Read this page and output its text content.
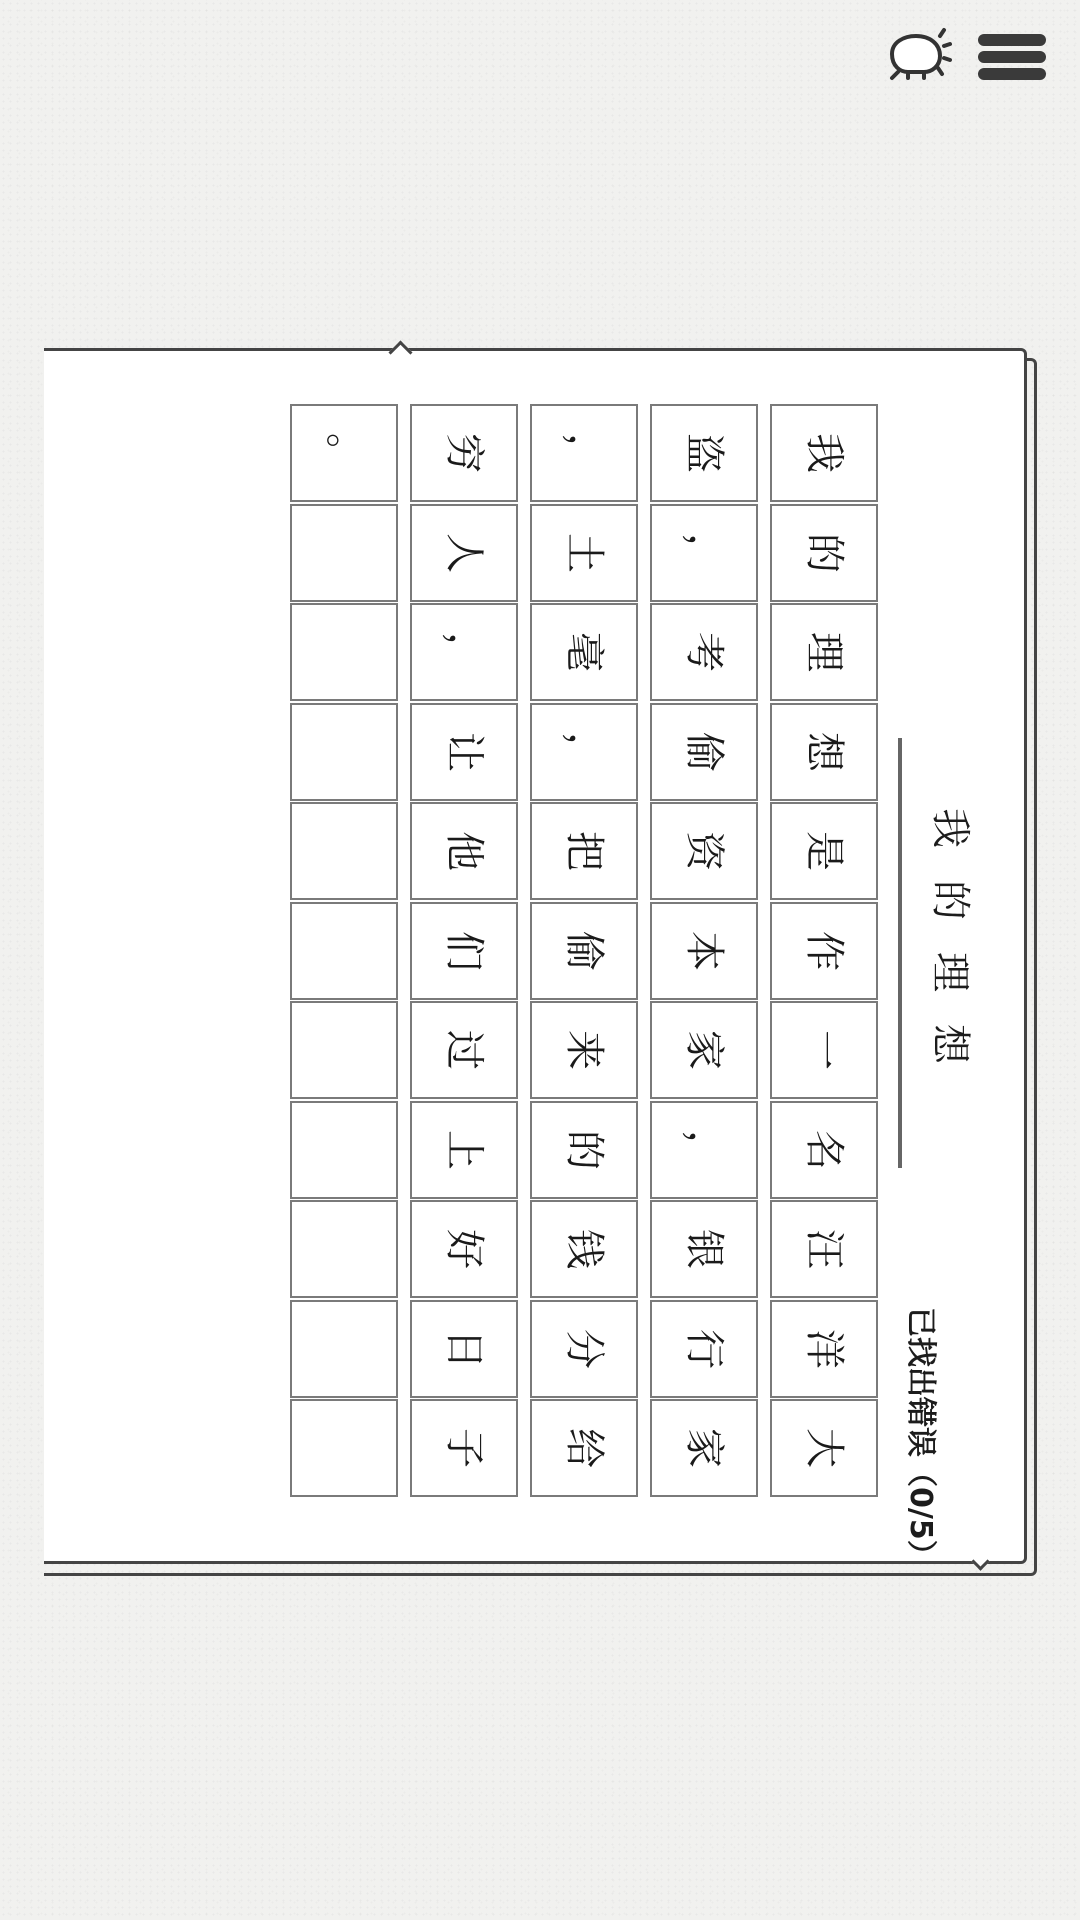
我的理想
已找出错误（0/5）
我
的
理
想
是
作
一
名
汪
洋
大
盗
，
考
偷
资
本
家
，
银
行
家
，
土
毫
，
把
偷
来
的
钱
分
给
穷
人
，
让
他
们
过
上
好
日
子
。
